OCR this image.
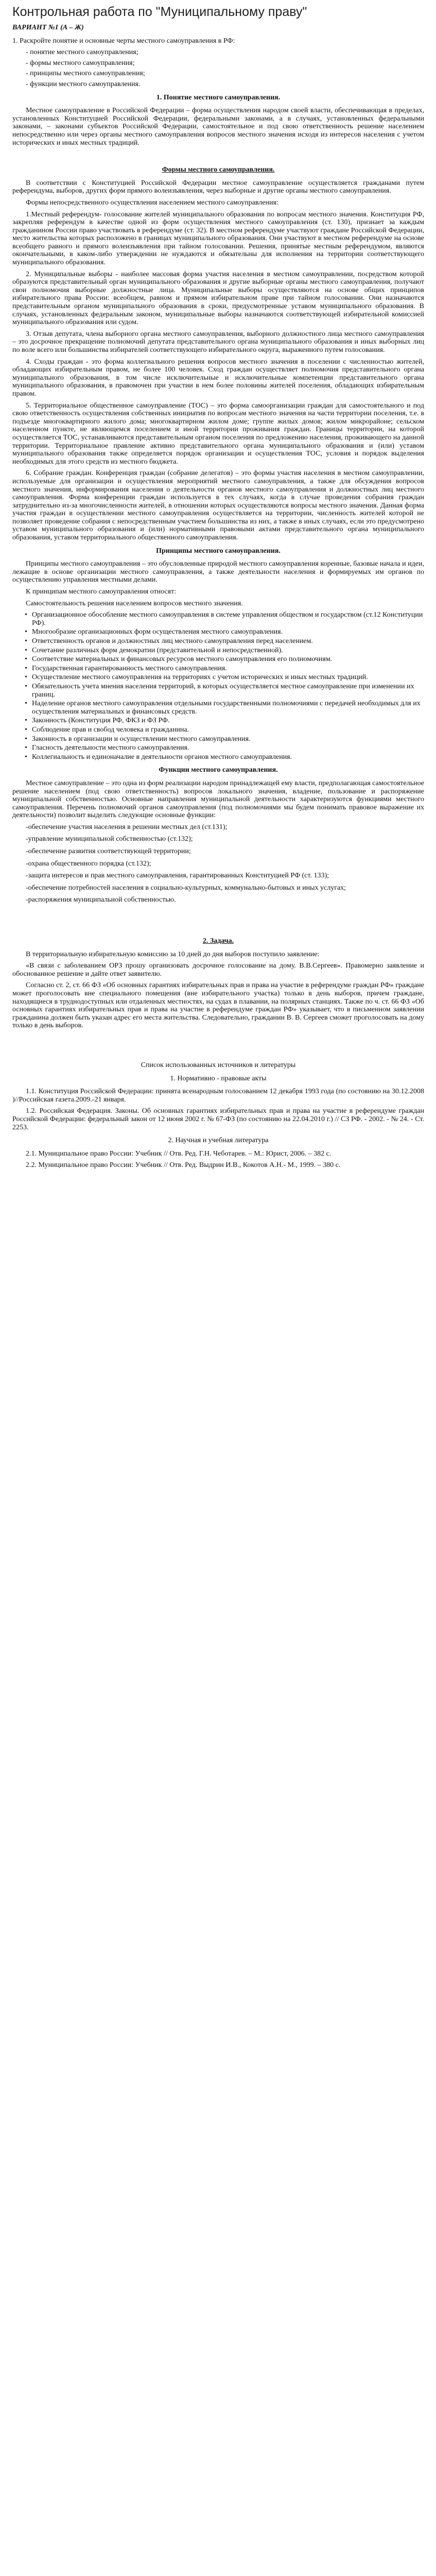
Контрольная работа по "Муниципальному праву"

ВАРИАНТ №1 (А – Ж)

1. Раскройте понятие и основные черты местного самоуправления в РФ:

- понятие местного самоуправления;

- формы местного самоуправления;

- принципы местного самоуправления;

- функции местного самоуправления.

1. Понятие местного самоуправления.

Местное самоуправление в Российской Федерации – форма осуществления народом своей власти, обеспечивающая в пределах, установленных Конституцией Российской Федерации, федеральными законами, а в случаях, установленных федеральными законами, – законами субъектов Российской Федерации, самостоятельное и под свою ответственность решение населением непосредственно или через органы местного самоуправления вопросов местного значения исходя из интересов населения с учетом исторических и иных местных традиций.

Формы местного самоуправления.

В соответствии с Конституцией Российской Федерации местное самоуправление осуществляется гражданами путем референдума, выборов, других форм прямого волеизъявления, через выборные и другие органы местного самоуправления.

Формы непосредственного осуществления населением местного самоуправления:

1.Местный референдум- голосование жителей муниципального образования по вопросам местного значения. Конституция РФ, закрепляя референдум в качестве одной из форм осуществления местного самоуправления (ст. 130), признает за каждым гражданином России право участвовать в референдуме (ст. 32). В местном референдуме участвуют граждане Российской Федерации, место жительства которых расположено в границах муниципального образования. Они участвуют в местном референдуме на основе всеобщего равного и прямого волеизъявления при тайном голосовании. Решения, принятые местным референдумом, являются окончательными, в каком-либо утверждении не нуждаются и обязательны для исполнения на территории соответствующего муниципального образования.

2. Муниципальные выборы - наиболее массовая форма участия населения в местном самоуправлении, посредством которой образуются представительный орган муниципального образования и другие выборные органы местного самоуправления, получают свои полномочия выборные должностные лица. Муниципальные выборы осуществляются на основе общих принципов избирательного права России: всеобщем, равном и прямом избирательном праве при тайном голосовании. Они назначаются представительным органом муниципального образования в сроки, предусмотренные уставом муниципального образования. В случаях, установленных федеральным законом, муниципальные выборы назначаются соответствующей избирательной комиссией муниципального образования или судом.

3. Отзыв депутата, члена выборного органа местного самоуправления, выборного должностного лица местного самоуправления – это досрочное прекращение полномочий депутата представительного органа муниципального образования и иных выборных лиц по воле всего или большинства избирателей соответствующего избирательного округа, выраженного путем голосования.

4. Сходы граждан - это форма коллегиального решения вопросов местного значения в поселении с численностью жителей, обладающих избирательным правом, не более 100 человек. Сход граждан осуществляет полномочия представительного органа муниципального образования, в том числе исключительные и исключительные компетенции представительного органа муниципального образования, в правомочен при участии в нем более половины жителей поселения, обладающих избирательным правом.

5. Территориальное общественное самоуправление (ТОС) – это форма самоорганизации граждан для самостоятельного и под свою ответственность осуществления собственных инициатив по вопросам местного значения на части территории поселения, т.е. в подъезде многоквартирного жилого дома; многоквартирном жилом доме; группе жилых домов; жилом микрорайоне; сельском населенном пункте, не являющемся поселением и иной территории проживания граждан. Границы территории, на которой осуществляется ТОС, устанавливаются представительным органом поселения по предложению населения, проживающего на данной территории. Территориальное правление активно представительного органа муниципального образования и (или) уставом муниципального образования также определяется порядок организации и осуществления ТОС, условия и порядок выделения необходимых для этого средств из местного бюджета.

6. Собрание граждан. Конференция граждан (собрание делегатов) – это формы участия населения в местном самоуправлении, используемые для организации и осуществления мероприятий местного самоуправления, а также для обсуждения вопросов местного значения, информирования населения о деятельности органов местного самоуправления и должностных лиц местного самоуправления. Форма конференции граждан используется в тех случаях, когда в случае проведения собрания граждан затруднительно из-за многочисленности жителей, в отношении которых осуществляются вопросы местного значения. Данная форма участия граждан в осуществлении местного самоуправления осуществляется на территории, численность жителей которой не позволяет проведение собрания с непосредственным участием большинства из них, а также в иных случаях, если это предусмотрено уставом муниципального образования и (или) нормативными правовыми актами представительного органа муниципального образования, уставом территориального общественного самоуправления.

Принципы местного самоуправления.

Принципы местного самоуправления – это обусловленные природой местного самоуправления коренные, базовые начала и идеи, лежащие в основе организации местного самоуправления, а также деятельности населения и формируемых им органов по осуществлению управления местными делами.

К принципам местного самоуправления относят:

Самостоятельность решения населением вопросов местного значения.

• Организационное обособление местного самоуправления в системе управления обществом и государством (ст.12 Конституции РФ).
• Многообразие организационных форм осуществления местного самоуправления.
• Ответственность органов и должностных лиц местного самоуправления перед населением.
• Сочетание различных форм демократии (представительной и непосредственной).
• Соответствие материальных и финансовых ресурсов местного самоуправления его полномочиям.
• Государственная гарантированность местного самоуправления.
• Осуществление местного самоуправления на территориях с учетом исторических и иных местных традиций.
• Обязательность учета мнения населения территорий, в которых осуществляется местное самоуправление при изменении их границ.
• Наделение органов местного самоуправления отдельными государственными полномочиями с передачей необходимых для их осуществления материальных и финансовых средств.
• Законность (Конституция РФ, ФКЗ и ФЗ РФ.
• Соблюдение прав и свобод человека и гражданина.
• Законность в организации и осуществлении местного самоуправления.
• Гласность деятельности местного самоуправления.
• Коллегиальность и единоначалие в деятельности органов местного самоуправления.

Функции местного самоуправления.

Местное самоуправление – это одна из форм реализации народом принадлежащей ему власти, предполагающая самостоятельное решение населением (под свою ответственность) вопросов локального значения, владение, пользование и распоряжение муниципальной собственностью. Основные направления муниципальной деятельности характеризуются функциями местного самоуправления. Перечень полномочий органов самоуправления (под полномочиями мы будем понимать правовое выражение их деятельности) позволит выделить следующие основные функции:

-обеспечение участия населения в решении местных дел (ст.131);
-управление муниципальной собственностью (ст.132);
-обеспечение развития соответствующей территории;
-охрана общественного порядка (ст.132);
-защита интересов и прав местного самоуправления, гарантированных Конституцией РФ (ст. 133);
-обеспечение потребностей населения в социально-культурных, коммунально-бытовых и иных услугах;
-распоряжения муниципальной собственностью.

2. Задача.

В территориальную избирательную комиссию за 10 дней до дня выборов поступило заявление:

«В связи с заболеванием ОРЗ прошу организовать досрочное голосование на дому. В.В.Сергеев». Правомерно заявление и обоснованное решение и дайте ответ заявителю.

Согласно ст. 2, ст. 66 ФЗ «Об основных гарантиях избирательных прав и права на участие в референдуме граждан РФ» граждане может проголосовать вне специального помещения (вне избирательного участка) только в день выборов, причем граждане, находящиеся в труднодоступных или отдаленных местностях, на судах в плавании, на полярных станциях. Также по ч. ст. 66 ФЗ «Об основных гарантиях избирательных прав и права на участие в референдуме граждан РФ» указывает, что в письменном заявлении гражданина должен быть указан адрес его места жительства. Следовательно, гражданин В. В. Сергеев сможет проголосовать на дому только в день выборов.

Список использованных источников и литературы

1. Нормативно - правовые акты

1.1. Конституция Российской Федерации: принята всенародным голосованием 12 декабря 1993 года (по состоянию на 30.12.2008 )//Российская газета.2009.-21 января.

1.2. Российская Федерация. Законы. Об основных гарантиях избирательных прав и права на участие в референдуме граждан Российской Федерации: федеральный закон от 12 июня 2002 г. № 67-ФЗ (по состоянию на 22.04.2010 г.) // СЗ РФ. - 2002. - № 24. - Ст. 2253.

2. Научная и учебная литература

2.1. Муниципальное право России: Учебник // Отв. Ред. Г.Н. Чеботарев. – М.: Юрист, 2006. – 382 с.

2.2. Муниципальное право России: Учебник // Отв. Ред. Выдрин И.В., Кокотов А.Н.- М., 1999. – 380 с.
